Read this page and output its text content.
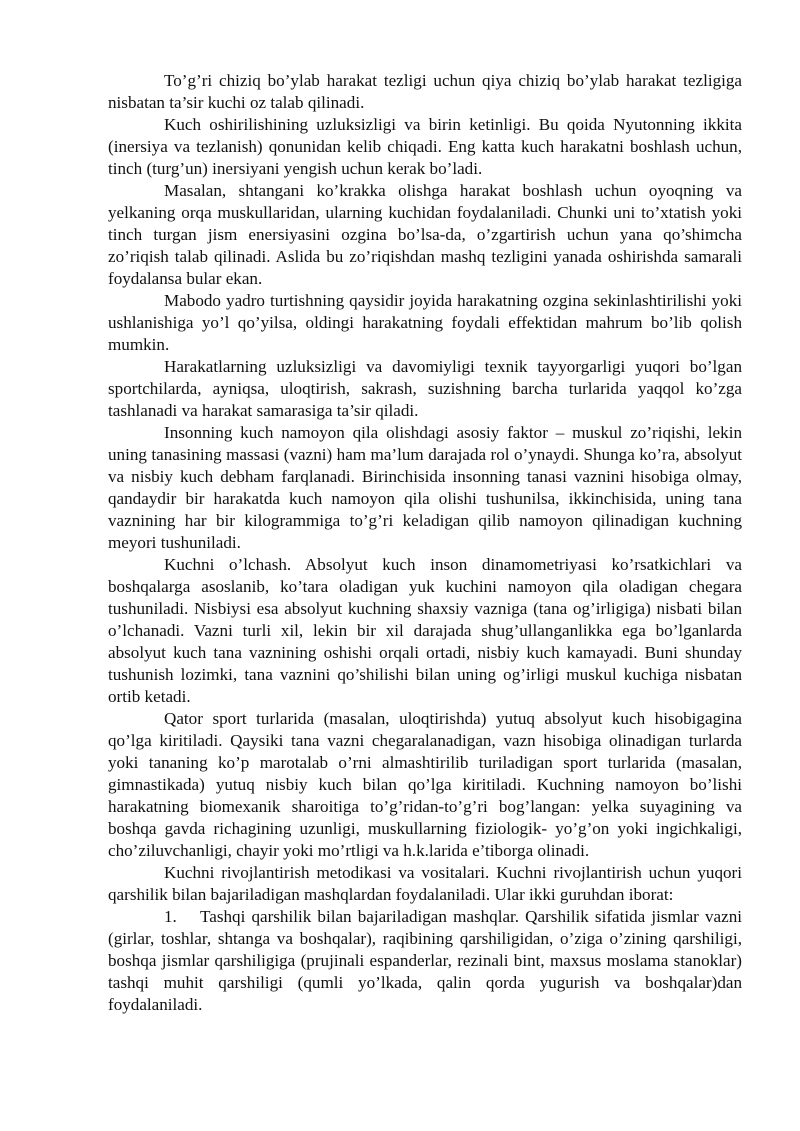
To’g’ri chiziq bo’ylab harakat tezligi uchun qiya chiziq bo’ylab harakat tezligiga nisbatan ta’sir kuchi oz talab qilinadi.

Kuch oshirilishining uzluksizligi va birin ketinligi. Bu qoida Nyutonning ikkita (inersiya va tezlanish) qonunidan kelib chiqadi. Eng katta kuch harakatni boshlash uchun, tinch (turg’un) inersiyani yengish uchun kerak bo’ladi.

Masalan, shtangani ko’krakka olishga harakat boshlash uchun oyoqning va yelkaning orqa muskullaridan, ularning kuchidan foydalaniladi. Chunki uni to’xtatish yoki tinch turgan jism enersiyasini ozgina bo’lsa-da, o’zgartirish uchun yana qo’shimcha zo’riqish talab qilinadi. Aslida bu zo’riqishdan mashq tezligini yanada oshirishda samarali foydalansa bular ekan.

Mabodo yadro turtishning qaysidir joyida harakatning ozgina sekinlashtirilishi yoki ushlanishiga yo’l qo’yilsa, oldingi harakatning foydali effektidan mahrum bo’lib qolish mumkin.

Harakatlarning uzluksizligi va davomiyligi texnik tayyorgarligi yuqori bo’lgan sportchilarda, ayniqsa, uloqtirish, sakrash, suzishning barcha turlarida yaqqol ko’zga tashlanadi va harakat samarasiga ta’sir qiladi.

Insonning kuch namoyon qila olishdagi asosiy faktor – muskul zo’riqishi, lekin uning tanasining massasi (vazni) ham ma’lum darajada rol o’ynaydi. Shunga ko’ra, absolyut va nisbiy kuch debham farqlanadi. Birinchisida insonning tanasi vaznini hisobiga olmay, qandaydir bir harakatda kuch namoyon qila olishi tushunilsa, ikkinchisida, uning tana vaznining har bir kilogrammiga to’g’ri keladigan qilib namoyon qilinadigan kuchning meyori tushuniladi.

Kuchni o’lchash. Absolyut kuch inson dinamometriyasi ko’rsatkichlari va boshqalarga asoslanib, ko’tara oladigan yuk kuchini namoyon qila oladigan chegara tushuniladi. Nisbiysi esa absolyut kuchning shaxsiy vazniga (tana og’irligiga) nisbati bilan o’lchanadi. Vazni turli xil, lekin bir xil darajada shug’ullanganlikka ega bo’lganlarda absolyut kuch tana vaznining oshishi orqali ortadi, nisbiy kuch kamayadi. Buni shunday tushunish lozimki, tana vaznini qo’shilishi bilan uning og’irligi muskul kuchiga nisbatan ortib ketadi.

Qator sport turlarida (masalan, uloqtirishda) yutuq absolyut kuch hisobigagina qo’lga kiritiladi. Qaysiki tana vazni chegaralanadigan, vazn hisobiga olinadigan turlarda yoki tananing ko’p marotalab o’rni almashtirilib turiladigan sport turlarida (masalan, gimnastikada) yutuq nisbiy kuch bilan qo’lga kiritiladi. Kuchning namoyon bo’lishi harakatning biomexanik sharoitiga to’g’ridan-to’g’ri bog’langan: yelka suyagining va boshqa gavda richagining uzunligi, muskullarning fiziologik- yo’g’on yoki ingichkaligi, cho’ziluvchanligi, chayir yoki mo’rtligi va h.k.larida e’tiborga olinadi.

Kuchni rivojlantirish metodikasi va vositalari. Kuchni rivojlantirish uchun yuqori qarshilik bilan bajariladigan mashqlardan foydalaniladi. Ular ikki guruhdan iborat:

1. Tashqi qarshilik bilan bajariladigan mashqlar. Qarshilik sifatida jismlar vazni (girlar, toshlar, shtanga va boshqalar), raqibining qarshiligidan, o’ziga o’zining qarshiligi, boshqa jismlar qarshiligiga (prujinali espanderlar, rezinali bint, maxsus moslama stanoklar) tashqi muhit qarshiligi (qumli yo’lkada, qalin qorda yugurish va boshqalar)dan foydalaniladi.
